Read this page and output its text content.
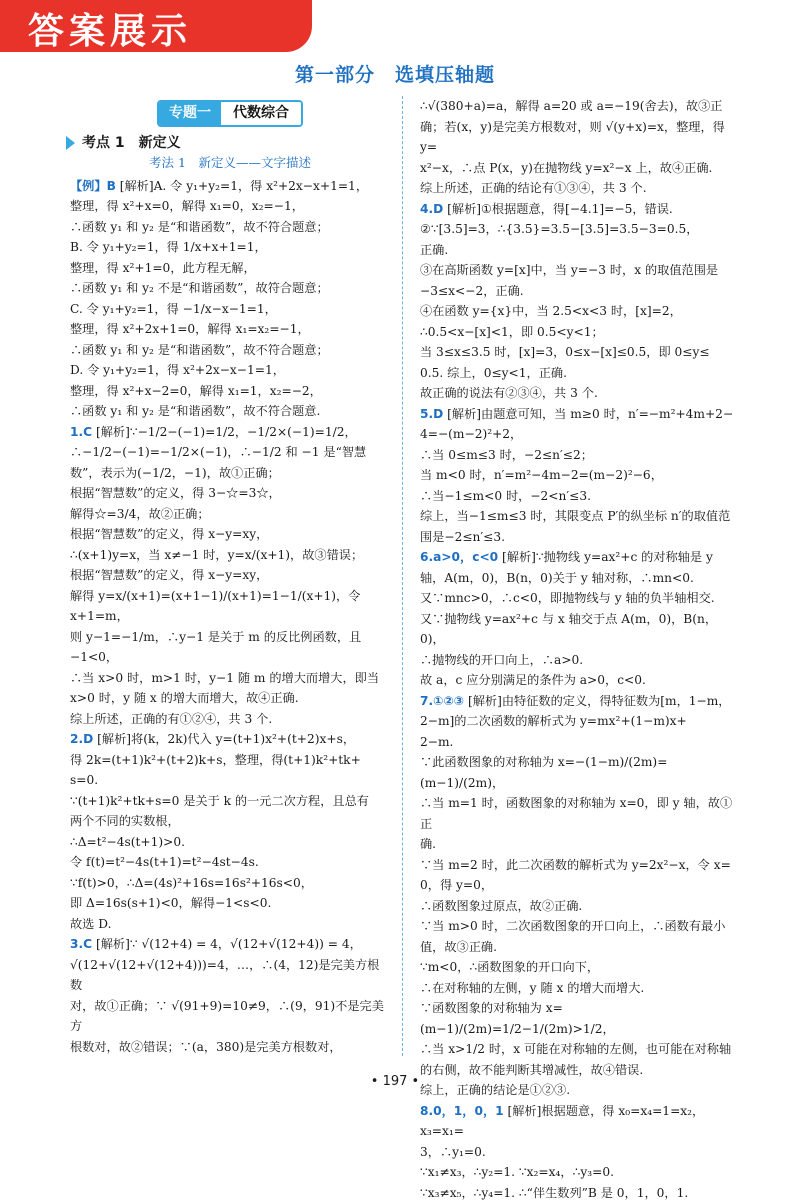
答案展示
第一部分　选填压轴题
专题一	代数综合
考点 1　新定义
考法 1　新定义——文字描述

【例】B [解析]A. 令 y₁+y₂=1，得 x²+2x−x+1=1，

整理，得 x²+x=0，解得 x₁=0，x₂=−1，

∴函数 y₁ 和 y₂ 是“和谐函数”，故不符合题意；

B. 令 y₁+y₂=1，得 1/x+x+1=1，

整理，得 x²+1=0，此方程无解，

∴函数 y₁ 和 y₂ 不是“和谐函数”，故符合题意；

C. 令 y₁+y₂=1，得 −1/x−x−1=1，

整理，得 x²+2x+1=0，解得 x₁=x₂=−1，

∴函数 y₁ 和 y₂ 是“和谐函数”，故不符合题意；

D. 令 y₁+y₂=1，得 x²+2x−x−1=1，

整理，得 x²+x−2=0，解得 x₁=1，x₂=−2，

∴函数 y₁ 和 y₂ 是“和谐函数”，故不符合题意.

1.C [解析]∵−1/2−(−1)=1/2，−1/2×(−1)=1/2，

∴−1/2−(−1)=−1/2×(−1)，∴−1/2 和 −1 是“智慧

数”，表示为(−1/2，−1)，故①正确；

根据“智慧数”的定义，得 3−☆=3☆，

解得☆=3/4，故②正确；

根据“智慧数”的定义，得 x−y=xy，

∴(x+1)y=x，当 x≠−1 时，y=x/(x+1)，故③错误；

根据“智慧数”的定义，得 x−y=xy，

解得 y=x/(x+1)=(x+1−1)/(x+1)=1−1/(x+1)，令 x+1=m，

则 y−1=−1/m，∴y−1 是关于 m 的反比例函数，且−1<0，

∴当 x>0 时，m>1 时，y−1 随 m 的增大而增大，即当

x>0 时，y 随 x 的增大而增大，故④正确.

综上所述，正确的有①②④，共 3 个.

2.D [解析]将(k，2k)代入 y=(t+1)x²+(t+2)x+s，

得 2k=(t+1)k²+(t+2)k+s，整理，得(t+1)k²+tk+

s=0.

∵(t+1)k²+tk+s=0 是关于 k 的一元二次方程，且总有

两个不同的实数根，

∴Δ=t²−4s(t+1)>0.

令 f(t)=t²−4s(t+1)=t²−4st−4s.

∵f(t)>0，∴Δ=(4s)²+16s=16s²+16s<0，

即 Δ=16s(s+1)<0，解得−1<s<0.

故选 D.

3.C [解析]∵ √(12+4) = 4，√(12+√(12+4)) = 4，

√(12+√(12+√(12+4)))=4，…，∴(4，12)是完美方根数

对，故①正确；∵ √(91+9)=10≠9，∴(9，91)不是完美方

根数对，故②错误；∵(a，380)是完美方根数对，

∴√(380+a)=a，解得 a=20 或 a=−19(舍去)，故③正

确；若(x，y)是完美方根数对，则 √(y+x)=x，整理，得 y=

x²−x，∴点 P(x，y)在抛物线 y=x²−x 上，故④正确.

综上所述，正确的结论有①③④，共 3 个.

4.D [解析]①根据题意，得[−4.1]=−5，错误.

②∵[3.5]=3，∴{3.5}=3.5−[3.5]=3.5−3=0.5，

正确.

③在高斯函数 y=[x]中，当 y=−3 时，x 的取值范围是

−3≤x<−2，正确.

④在函数 y={x}中，当 2.5<x<3 时，[x]=2，

∴0.5<x−[x]<1，即 0.5<y<1；

当 3≤x≤3.5 时，[x]=3，0≤x−[x]≤0.5，即 0≤y≤

0.5. 综上，0≤y<1，正确.

故正确的说法有②③④，共 3 个.

5.D [解析]由题意可知，当 m≥0 时，n′=−m²+4m+2−

4=−(m−2)²+2，

∴当 0≤m≤3 时，−2≤n′≤2；

当 m<0 时，n′=m²−4m−2=(m−2)²−6，

∴当−1≤m<0 时，−2<n′≤3.

综上，当−1≤m≤3 时，其限变点 P′的纵坐标 n′的取值范

围是−2≤n′≤3.

6.a>0，c<0 [解析]∵抛物线 y=ax²+c 的对称轴是 y

轴，A(m，0)，B(n，0)关于 y 轴对称，∴mn<0.

又∵mnc>0，∴c<0，即抛物线与 y 轴的负半轴相交.

又∵抛物线 y=ax²+c 与 x 轴交于点 A(m，0)，B(n，0)，

∴抛物线的开口向上，∴a>0.

故 a，c 应分别满足的条件为 a>0，c<0.

7.①②③ [解析]由特征数的定义，得特征数为[m，1−m，

2−m]的二次函数的解析式为 y=mx²+(1−m)x+

2−m.

∵此函数图象的对称轴为 x=−(1−m)/(2m)=(m−1)/(2m)，

∴当 m=1 时，函数图象的对称轴为 x=0，即 y 轴，故①正

确.

∵当 m=2 时，此二次函数的解析式为 y=2x²−x，令 x=

0，得 y=0，

∴函数图象过原点，故②正确.

∵当 m>0 时，二次函数图象的开口向上，∴函数有最小

值，故③正确.

∵m<0，∴函数图象的开口向下，

∴在对称轴的左侧，y 随 x 的增大而增大.

∵函数图象的对称轴为 x=(m−1)/(2m)=1/2−1/(2m)>1/2，

∴当 x>1/2 时，x 可能在对称轴的左侧，也可能在对称轴

的右侧，故不能判断其增减性，故④错误.

综上，正确的结论是①②③.

8.0，1，0，1 [解析]根据题意，得 x₀=x₄=1=x₂，x₃=x₁=

3，∴y₁=0.

∵x₁≠x₃，∴y₂=1. ∵x₂=x₄，∴y₃=0.

∵x₃≠x₅，∴y₄=1. ∴“伴生数列”B 是 0，1，0，1.

• 197 •
